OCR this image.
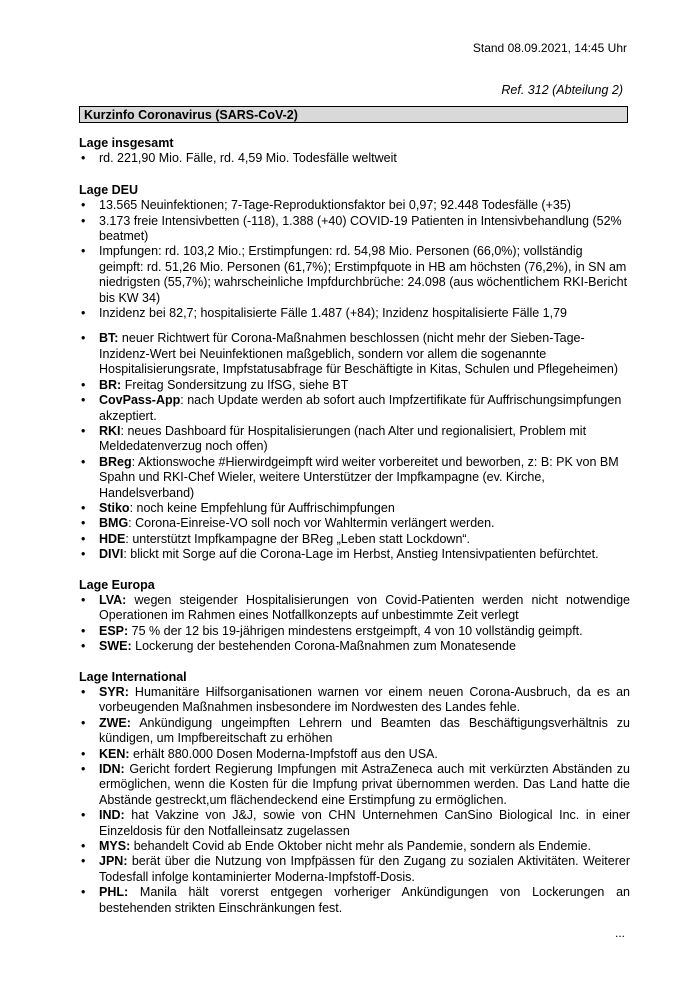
Stand 08.09.2021, 14:45 Uhr
Ref. 312 (Abteilung 2)
Kurzinfo Coronavirus (SARS-CoV-2)
Lage insgesamt
• rd. 221,90 Mio. Fälle, rd. 4,59 Mio. Todesfälle weltweit
Lage DEU
• 13.565 Neuinfektionen; 7-Tage-Reproduktionsfaktor bei 0,97; 92.448 Todesfälle (+35)
• 3.173 freie Intensivbetten (-118), 1.388 (+40) COVID-19 Patienten in Intensivbehandlung (52% beatmet)
• Impfungen: rd. 103,2 Mio.; Erstimpfungen: rd. 54,98 Mio. Personen (66,0%); vollständig geimpft: rd. 51,26 Mio. Personen (61,7%); Erstimpfquote in HB am höchsten (76,2%), in SN am niedrigsten (55,7%); wahrscheinliche Impfdurchbrüche: 24.098 (aus wöchentlichem RKI-Bericht bis KW 34)
• Inzidenz bei 82,7; hospitalisierte Fälle 1.487 (+84); Inzidenz hospitalisierte Fälle 1,79
• BT: neuer Richtwert für Corona-Maßnahmen beschlossen (nicht mehr der Sieben-Tage-Inzidenz-Wert bei Neuinfektionen maßgeblich, sondern vor allem die sogenannte Hospitalisierungsrate, Impfstatusabfrage für Beschäftigte in Kitas, Schulen und Pflegeheimen)
• BR: Freitag Sondersitzung zu IfSG, siehe BT
• CovPass-App: nach Update werden ab sofort auch Impfzertifikate für Auffrischungsimpfungen akzeptiert.
• RKI: neues Dashboard für Hospitalisierungen (nach Alter und regionalisiert, Problem mit Meldedatenverzug noch offen)
• BReg: Aktionswoche #Hierwirdgeimpft wird weiter vorbereitet und beworben, z: B: PK von BM Spahn und RKI-Chef Wieler, weitere Unterstützer der Impfkampagne (ev. Kirche, Handelsverband)
• Stiko: noch keine Empfehlung für Auffrischimpfungen
• BMG: Corona-Einreise-VO soll noch vor Wahltermin verlängert werden.
• HDE: unterstützt Impfkampagne der BReg „Leben statt Lockdown“.
• DIVI: blickt mit Sorge auf die Corona-Lage im Herbst, Anstieg Intensivpatienten befürchtet.
Lage Europa
• LVA: wegen steigender Hospitalisierungen von Covid-Patienten werden nicht notwendige Operationen im Rahmen eines Notfallkonzepts auf unbestimmte Zeit verlegt
• ESP: 75 % der 12 bis 19-jährigen mindestens erstgeimpft, 4 von 10 vollständig geimpft.
• SWE: Lockerung der bestehenden Corona-Maßnahmen zum Monatesende
Lage International
• SYR: Humanitäre Hilfsorganisationen warnen vor einem neuen Corona-Ausbruch, da es an vorbeugenden Maßnahmen insbesondere im Nordwesten des Landes fehle.
• ZWE: Ankündigung ungeimpften Lehrern und Beamten das Beschäftigungsverhältnis zu kündigen, um Impfbereitschaft zu erhöhen
• KEN: erhält 880.000 Dosen Moderna-Impfstoff aus den USA.
• IDN: Gericht fordert Regierung Impfungen mit AstraZeneca auch mit verkürzten Abständen zu ermöglichen, wenn die Kosten für die Impfung privat übernommen werden. Das Land hatte die Abstände gestreckt,um flächendeckend eine Erstimpfung zu ermöglichen.
• IND: hat Vakzine von J&J, sowie von CHN Unternehmen CanSino Biological Inc. in einer Einzeldosis für den Notfalleinsatz zugelassen
• MYS: behandelt Covid ab Ende Oktober nicht mehr als Pandemie, sondern als Endemie.
• JPN: berät über die Nutzung von Impfpässen für den Zugang zu sozialen Aktivitäten. Weiterer Todesfall infolge kontaminierter Moderna-Impfstoff-Dosis.
• PHL: Manila hält vorerst entgegen vorheriger Ankündigungen von Lockerungen an bestehenden strikten Einschränkungen fest.
...
